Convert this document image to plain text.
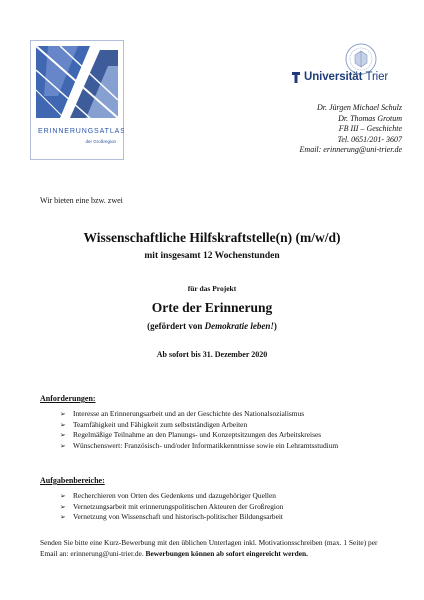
ERINNERUNGSATLAS
der Großregion
Universität Trier
Dr. Jürgen Michael Schulz
Dr. Thomas Grotum
FB III – Geschichte
Tel. 0651/201- 3607
Email: erinnerung@uni-trier.de
Wir bieten eine bzw. zwei
Wissenschaftliche Hilfskraftstelle(n) (m/w/d)
mit insgesamt 12 Wochenstunden
für das Projekt
Orte der Erinnerung
(gefördert von Demokratie leben!)
Ab sofort bis 31. Dezember 2020
Anforderungen:
➢ Interesse an Erinnerungsarbeit und an der Geschichte des Nationalsozialismus
➢ Teamfähigkeit und Fähigkeit zum selbstständigen Arbeiten
➢ Regelmäßige Teilnahme an den Planungs- und Konzeptsitzungen des Arbeitskreises
➢ Wünschenswert: Französisch- und/oder Informatikkenntnisse sowie ein Lehramtsstudium
Aufgabenbereiche:
➢ Recherchieren von Orten des Gedenkens und dazugehöriger Quellen
➢ Vernetzungsarbeit mit erinnerungspolitischen Akteuren der Großregion
➢ Vernetzung von Wissenschaft und historisch-politischer Bildungsarbeit
Senden Sie bitte eine Kurz-Bewerbung mit den üblichen Unterlagen inkl. Motivationsschreiben (max. 1 Seite) per Email an: erinnerung@uni-trier.de. Bewerbungen können ab sofort eingereicht werden.
